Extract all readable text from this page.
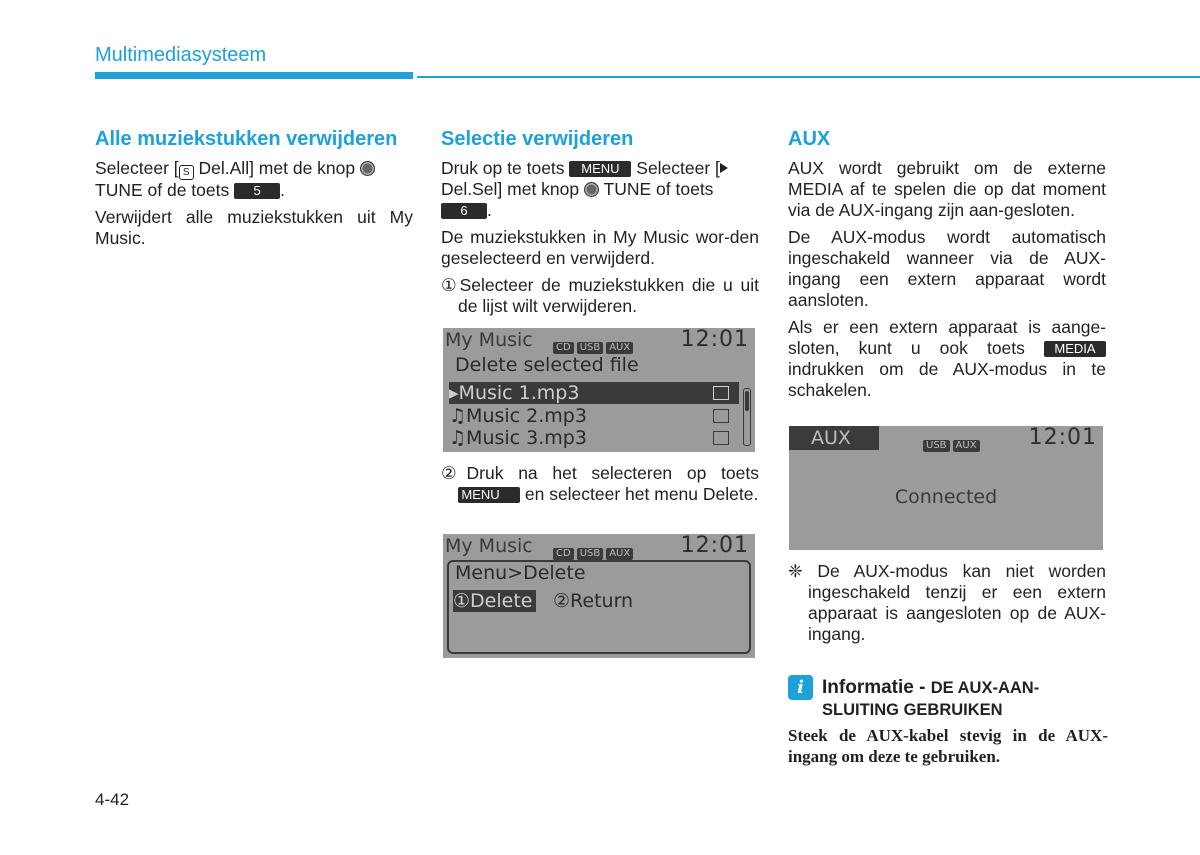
Multimediasysteem
Alle muziekstukken verwijderen

Selecteer [ S Del.All] met de knop
TUNE of de toets 5 .

Verwijdert alle muziekstukken uit My Music.

Selectie verwijderen

Druk op te toets MENU Selecteer [
Del.Sel] met knop  TUNE of toets
6 .

De muziekstukken in My Music wor-den geselecteerd en verwijderd.

①Selecteer de muziekstukken die u uit de lijst wilt verwijderen.

My Music	CD USB AUX 12:01
Delete selected file
▸Music 1.mp3
♫Music 2.mp3
♫Music 3.mp3

②Druk na het selecteren op toets MENU en selecteer het menu Delete.

My Music	CD USB AUX 12:01
Menu>Delete
①Delete ②Return
AUX

AUX wordt gebruikt om de externe MEDIA af te spelen die op dat moment via de AUX-ingang zijn aan-gesloten.

De AUX-modus wordt automatisch ingeschakeld wanneer via de AUX-ingang een extern apparaat wordt aansloten.

Als er een extern apparaat is aange-sloten, kunt u ook toets MEDIA indrukken om de AUX-modus in te schakelen.

AUX	USB AUX 12:01
Connected

❈ De AUX-modus kan niet worden ingeschakeld tenzij er een extern apparaat is aangesloten op de AUX-ingang.

i Informatie - DE AUX-AAN-SLUITING GEBRUIKEN
Steek de AUX-kabel stevig in de AUX-ingang om deze te gebruiken.
4-42
